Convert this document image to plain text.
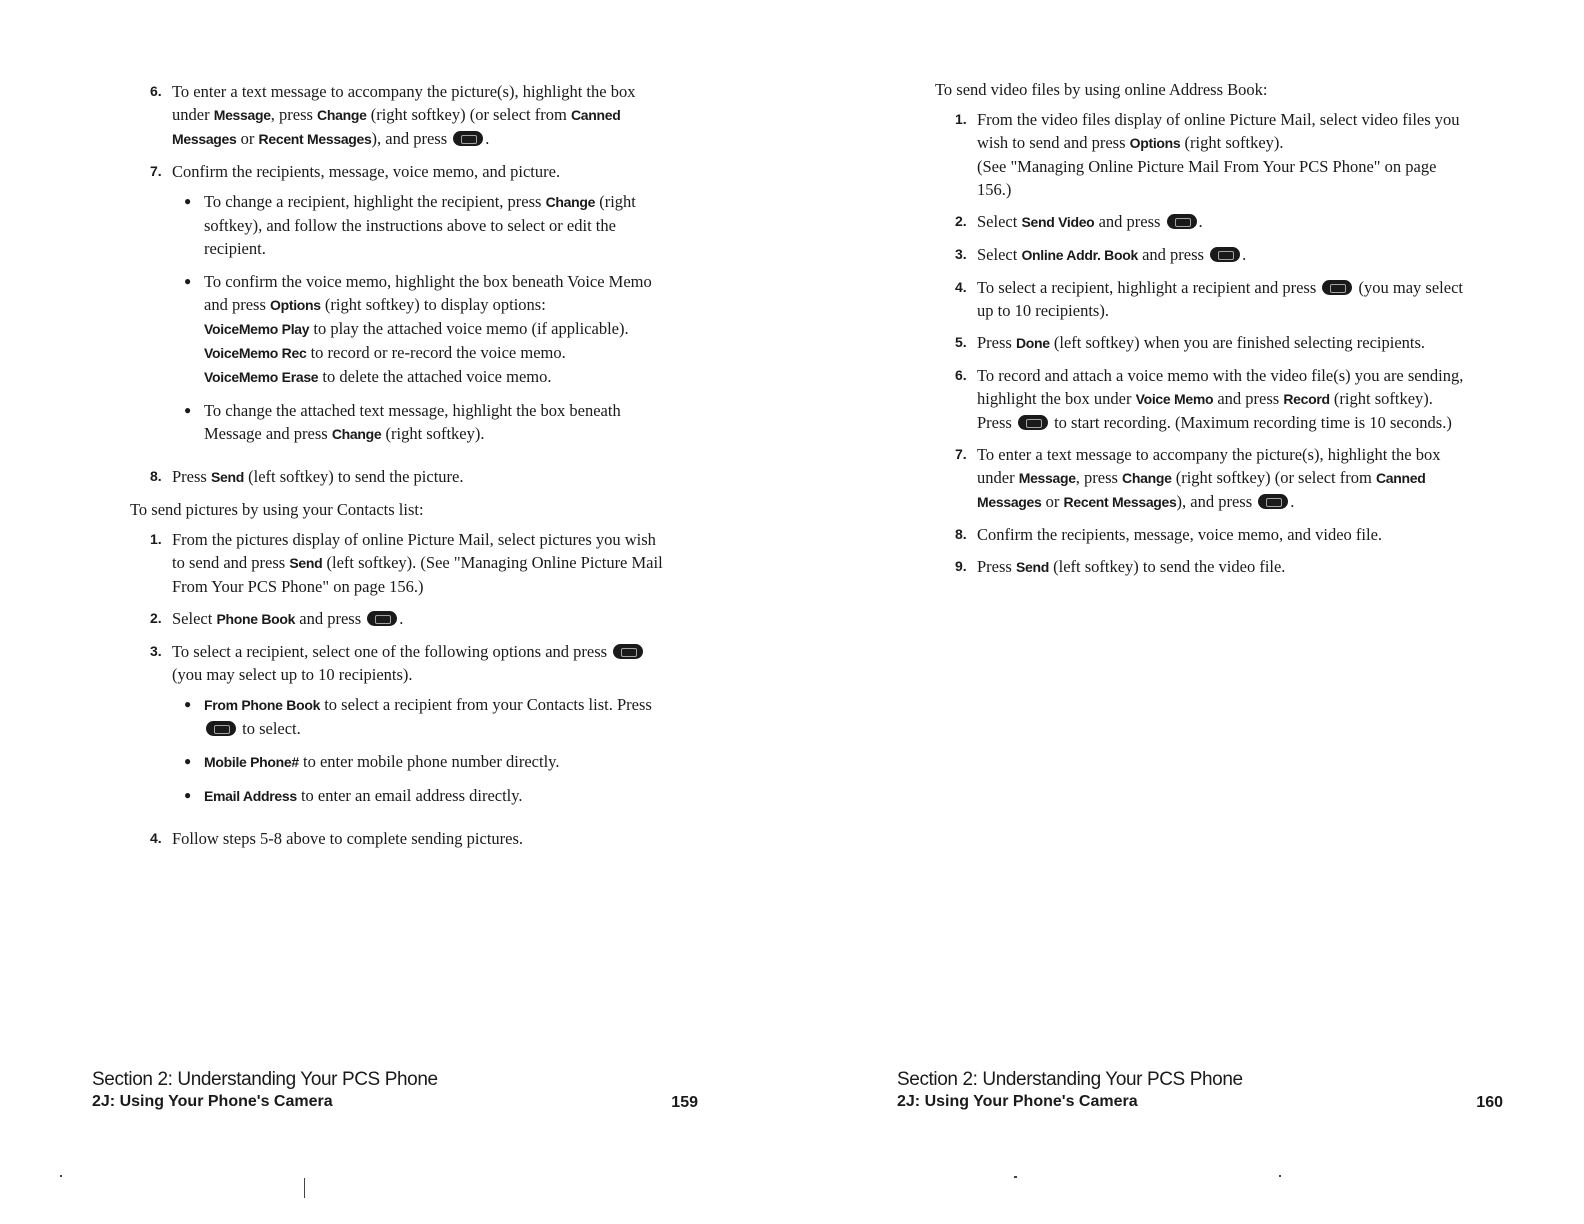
6. To enter a text message to accompany the picture(s), highlight the box under Message, press Change (right softkey) (or select from Canned Messages or Recent Messages), and press .
7. Confirm the recipients, message, voice memo, and picture.
● To change a recipient, highlight the recipient, press Change (right softkey), and follow the instructions above to select or edit the recipient.
● To confirm the voice memo, highlight the box beneath Voice Memo and press Options (right softkey) to display options:
VoiceMemo Play to play the attached voice memo (if applicable).
VoiceMemo Rec to record or re-record the voice memo.
VoiceMemo Erase to delete the attached voice memo.
● To change the attached text message, highlight the box beneath Message and press Change (right softkey).
8. Press Send (left softkey) to send the picture.

To send pictures by using your Contacts list:

1. From the pictures display of online Picture Mail, select pictures you wish to send and press Send (left softkey). (See "Managing Online Picture Mail From Your PCS Phone" on page 156.)
2. Select Phone Book and press .
3. To select a recipient, select one of the following options and press  (you may select up to 10 recipients).
● From Phone Book to select a recipient from your Contacts list. Press  to select.
● Mobile Phone# to enter mobile phone number directly.
● Email Address to enter an email address directly.
4. Follow steps 5-8 above to complete sending pictures.
Section 2: Understanding Your PCS Phone
2J: Using Your Phone's Camera	159

To send video files by using online Address Book:

1. From the video files display of online Picture Mail, select video files you wish to send and press Options (right softkey).
(See "Managing Online Picture Mail From Your PCS Phone" on page 156.)
2. Select Send Video and press .
3. Select Online Addr. Book and press .
4. To select a recipient, highlight a recipient and press  (you may select up to 10 recipients).
5. Press Done (left softkey) when you are finished selecting recipients.
6. To record and attach a voice memo with the video file(s) you are sending, highlight the box under Voice Memo and press Record (right softkey). Press  to start recording. (Maximum recording time is 10 seconds.)
7. To enter a text message to accompany the picture(s), highlight the box under Message, press Change (right softkey) (or select from Canned Messages or Recent Messages), and press .
8. Confirm the recipients, message, voice memo, and video file.
9. Press Send (left softkey) to send the video file.
Section 2: Understanding Your PCS Phone
2J: Using Your Phone's Camera	160
